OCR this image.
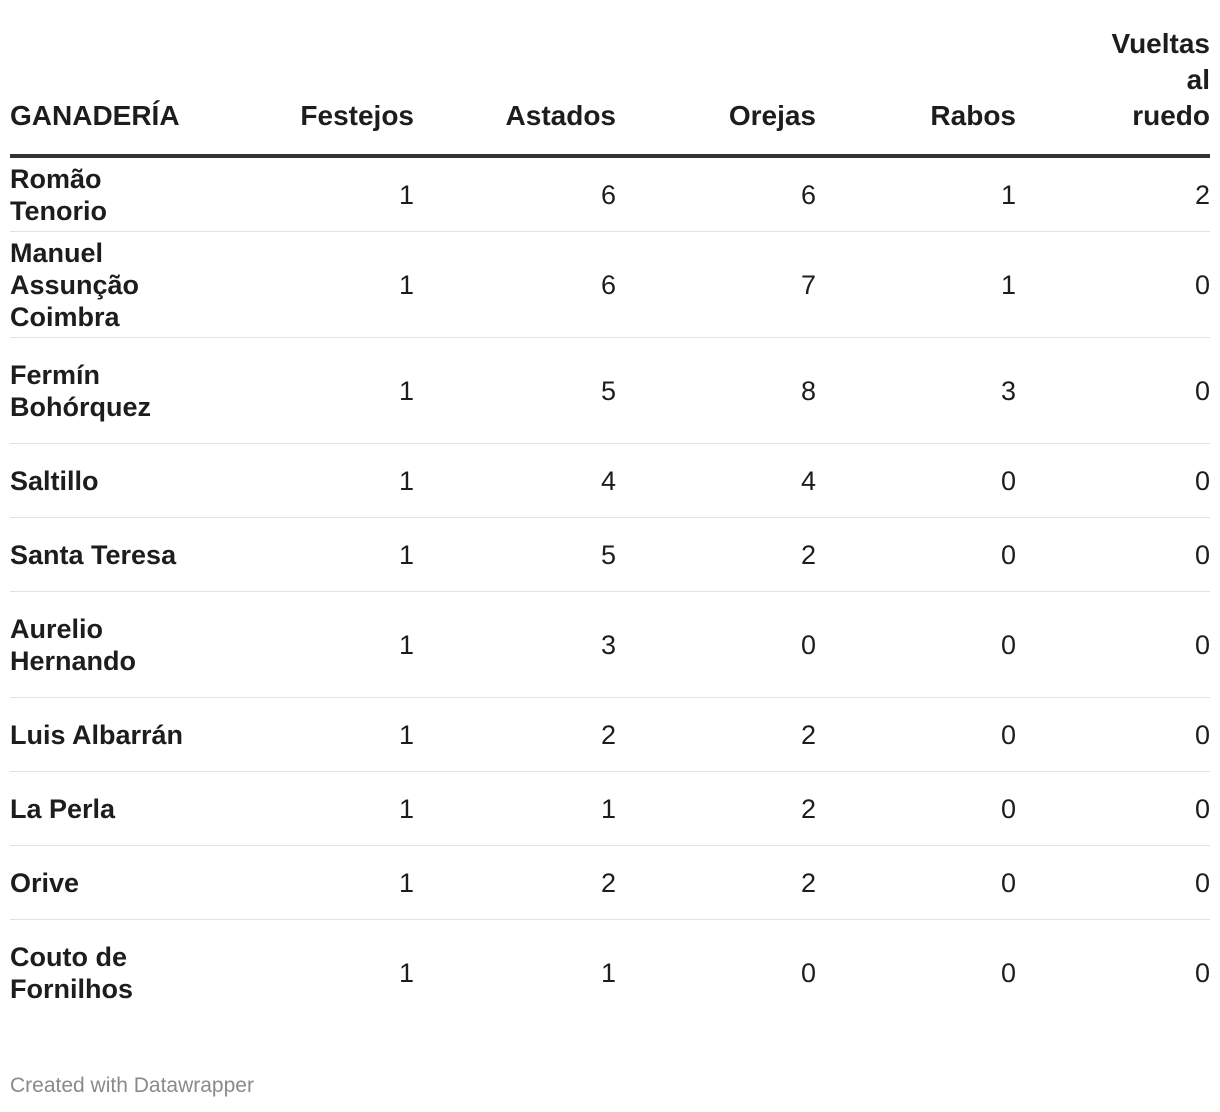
GANADERÍA	Festejos	Astados	Orejas	Rabos	Vueltas al ruedo
Romão Tenorio	1	6	6	1	2
Manuel Assunção Coimbra	1	6	7	1	0
Fermín Bohórquez	1	5	8	3	0
Saltillo	1	4	4	0	0
Santa Teresa	1	5	2	0	0
Aurelio Hernando	1	3	0	0	0
Luis Albarrán	1	2	2	0	0
La Perla	1	1	2	0	0
Orive	1	2	2	0	0
Couto de Fornilhos	1	1	0	0	0
Created with Datawrapper
